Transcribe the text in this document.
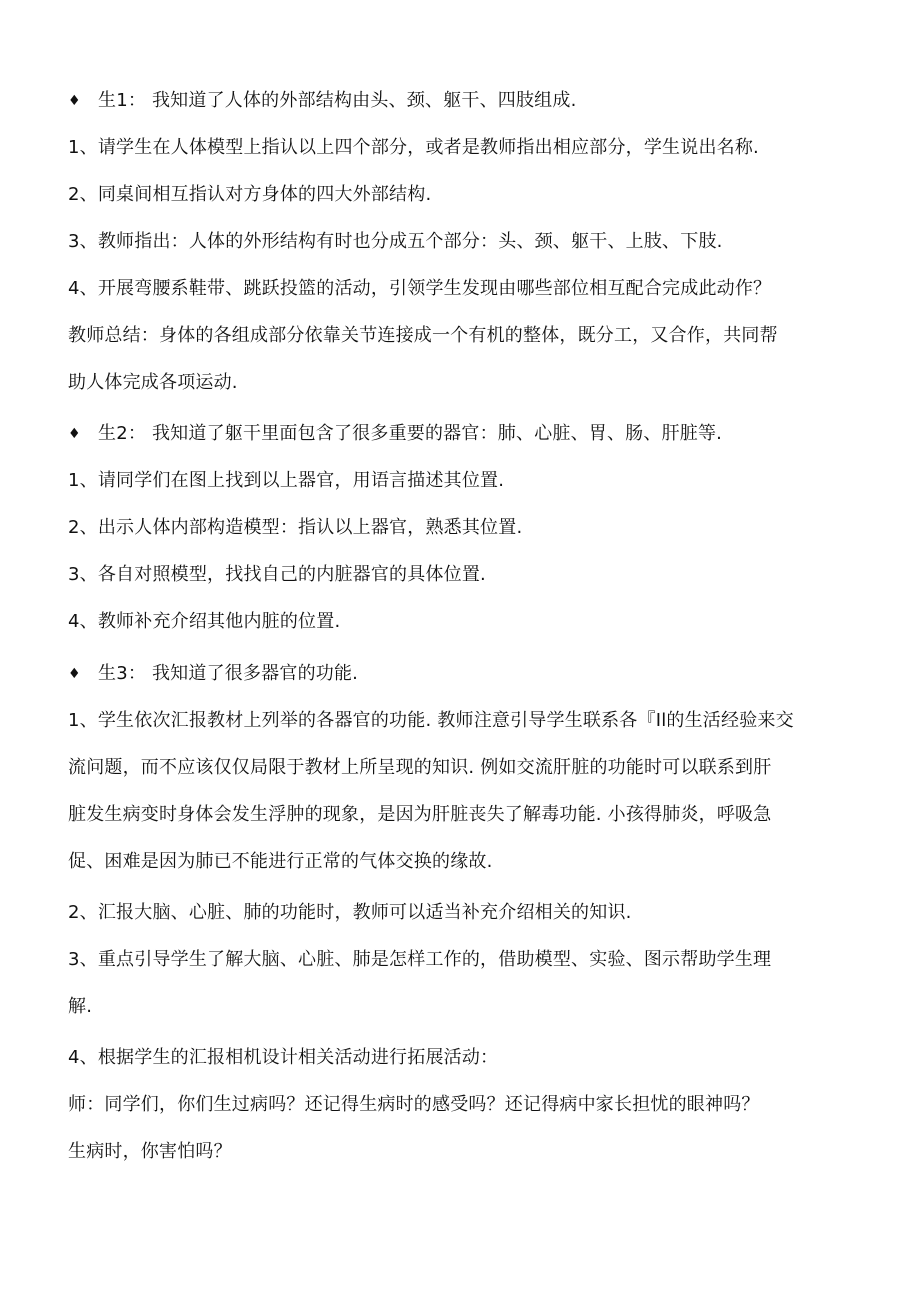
♦ 生1： 我知道了人体的外部结构由头、颈、躯干、四肢组成.
1、请学生在人体模型上指认以上四个部分，或者是教师指出相应部分，学生说出名称.
2、同桌间相互指认对方身体的四大外部结构.
3、教师指出：人体的外形结构有时也分成五个部分：头、颈、躯干、上肢、下肢.
4、开展弯腰系鞋带、跳跃投篮的活动，引领学生发现由哪些部位相互配合完成此动作？
教师总结：身体的各组成部分依靠关节连接成一个有机的整体，既分工，又合作，共同帮
助人体完成各项运动.
♦ 生2： 我知道了躯干里面包含了很多重要的器官：肺、心脏、胃、肠、肝脏等.
1、请同学们在图上找到以上器官，用语言描述其位置.
2、出示人体内部构造模型：指认以上器官，熟悉其位置.
3、各自对照模型，找找自己的内脏器官的具体位置.
4、教师补充介绍其他内脏的位置.
♦ 生3： 我知道了很多器官的功能.
1、学生依次汇报教材上列举的各器官的功能. 教师注意引导学生联系各『Il的生活经验来交
流问题，而不应该仅仅局限于教材上所呈现的知识. 例如交流肝脏的功能时可以联系到肝
脏发生病变时身体会发生浮肿的现象，是因为肝脏丧失了解毒功能. 小孩得肺炎，呼吸急
促、困难是因为肺已不能进行正常的气体交换的缘故.
2、汇报大脑、心脏、肺的功能时，教师可以适当补充介绍相关的知识.
3、重点引导学生了解大脑、心脏、肺是怎样工作的，借助模型、实验、图示帮助学生理
解.
4、根据学生的汇报相机设计相关活动进行拓展活动：
师：同学们，你们生过病吗？还记得生病时的感受吗？还记得病中家长担忧的眼神吗？
生病时，你害怕吗？
